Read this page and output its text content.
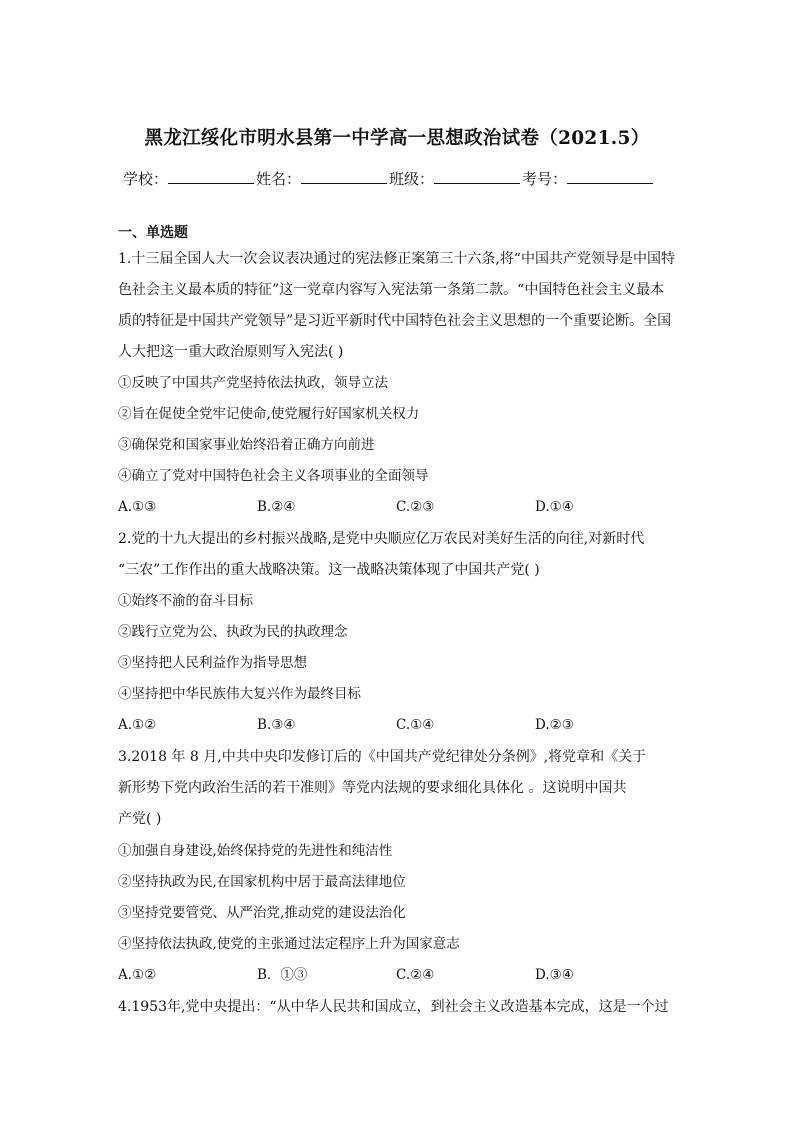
黑龙江绥化市明水县第一中学高一思想政治试卷（2021.5）
学校：	姓名：	班级：	考号：
一、单选题
1.十三届全国人大一次会议表决通过的宪法修正案第三十六条,将“中国共产党领导是中国特
色社会主义最本质的特征”这一党章内容写入宪法第一条第二款。“中国特色社会主义最本
质的特征是中国共产党领导”是习近平新时代中国特色社会主义思想的一个重要论断。全国
人大把这一重大政治原则写入宪法( )
①反映了中国共产党坚持依法执政，领导立法
②旨在促使全党牢记使命,使党履行好国家机关权力
③确保党和国家事业始终沿着正确方向前进
④确立了党对中国特色社会主义各项事业的全面领导
A.①③	B.②④	C.②③	D.①④
2.党的十九大提出的乡村振兴战略,是党中央顺应亿万农民对美好生活的向往,对新时代
“三农”工作作出的重大战略决策。这一战略决策体现了中国共产党( )
①始终不渝的奋斗目标
②践行立党为公、执政为民的执政理念
③坚持把人民利益作为指导思想
④坚持把中华民族伟大复兴作为最终目标
A.①②	B.③④	C.①④	D.②③
3.2018 年 8 月,中共中央印发修订后的《中国共产党纪律处分条例》,将党章和《关于
新形势下党内政治生活的若干准则》等党内法规的要求细化具体化 。这说明中国共
产党( )
①加强自身建设,始终保持党的先进性和纯洁性
②坚持执政为民,在国家机构中居于最高法律地位
③坚持党要管党、从严治党,推动党的建设法治化
④坚持依法执政,使党的主张通过法定程序上升为国家意志
A.①②	B．①③	C.②④	D.③④
4.1953年,党中央提出：“从中华人民共和国成立，到社会主义改造基本完成，这是一个过
